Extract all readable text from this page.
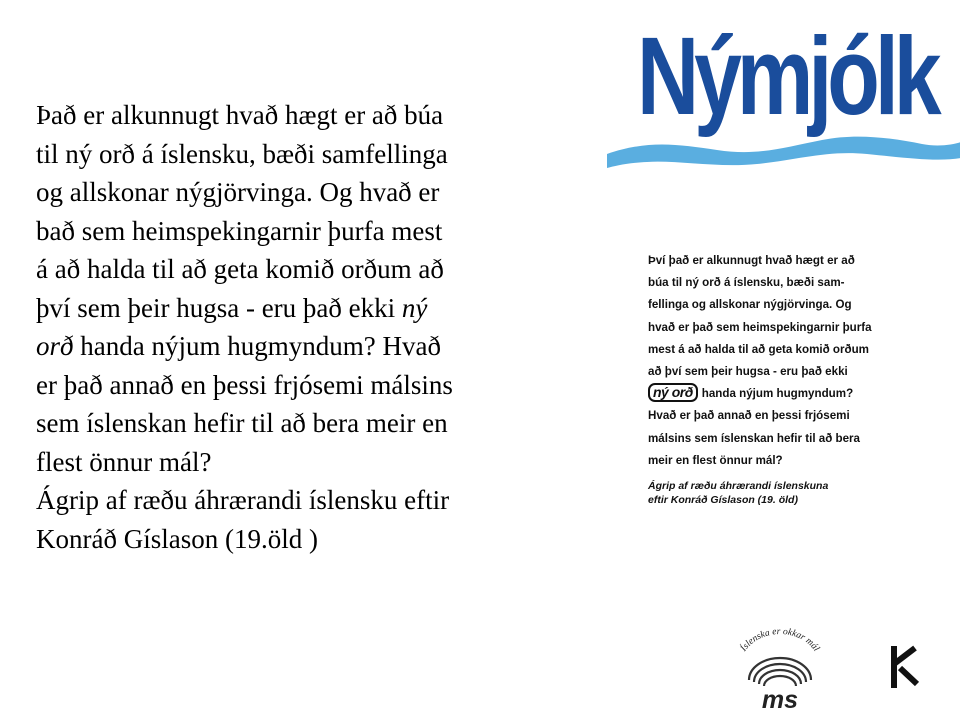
Það er alkunnugt hvað hægt er að búa
til ný orð á íslensku, bæði samfellinga
og allskonar nýgjörvinga. Og hvað er
bað sem heimspekingarnir þurfa mest
á að halda til að geta komið orðum að
því sem þeir hugsa - eru það ekki ný
orð handa nýjum hugmyndum? Hvað
er það annað en þessi frjósemi málsins
sem íslenskan hefir til að bera meir en
flest önnur mál?
Ágrip af ræðu áhrærandi íslensku eftir
Konráð Gíslason (19.öld )
Nýmjólk
Því það er alkunnugt hvað hægt er að
búa til ný orð á íslensku, bæði sam-
fellinga og allskonar nýgjörvinga. Og
hvað er það sem heimspekingarnir þurfa
mest á að halda til að geta komið orðum
að því sem þeir hugsa - eru það ekki
ný orð handa nýjum hugmyndum?
Hvað er það annað en þessi frjósemi
málsins sem íslenskan hefir til að bera
meir en flest önnur mál?
Ágrip af ræðu áhrærandi íslenskuna
eftir Konráð Gíslason (19. öld)
Íslenska er okkar mál
ms
